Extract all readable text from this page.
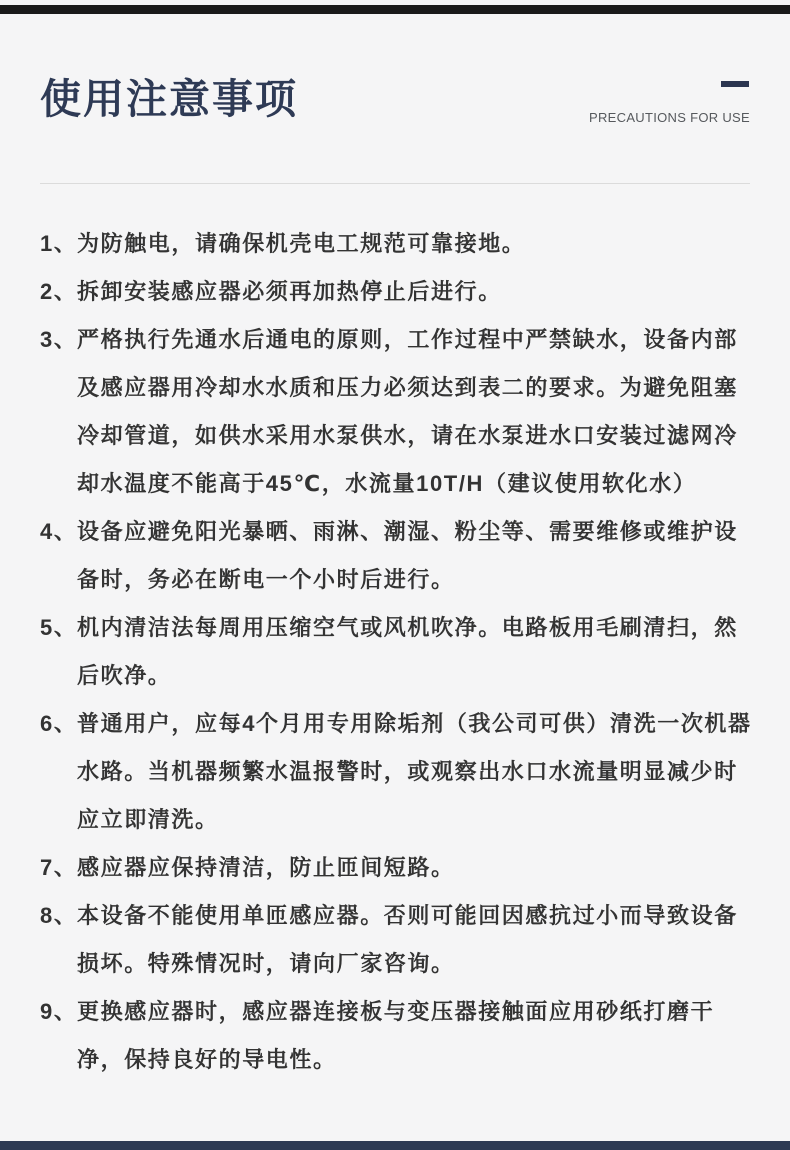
使用注意事项	PRECAUTIONS FOR USE
1、 为防触电，请确保机壳电工规范可靠接地。
2、 拆卸安装感应器必须再加热停止后进行。
3、 严格执行先通水后通电的原则，工作过程中严禁缺水，设备内部及感应器用冷却水水质和压力必须达到表二的要求。为避免阻塞冷却管道，如供水采用水泵供水，请在水泵进水口安装过滤网冷却水温度不能高于45℃，水流量10T/H（建议使用软化水）
4、 设备应避免阳光暴晒、雨淋、潮湿、粉尘等、需要维修或维护设备时，务必在断电一个小时后进行。
5、 机内清洁法每周用压缩空气或风机吹净。电路板用毛刷清扫，然后吹净。
6、 普通用户，应每4个月用专用除垢剂（我公司可供）清洗一次机器水路。当机器频繁水温报警时，或观察出水口水流量明显减少时应立即清洗。
7、 感应器应保持清洁，防止匝间短路。
8、 本设备不能使用单匝感应器。否则可能回因感抗过小而导致设备损坏。特殊情况时，请向厂家咨询。
9、 更换感应器时，感应器连接板与变压器接触面应用砂纸打磨干净，保持良好的导电性。
